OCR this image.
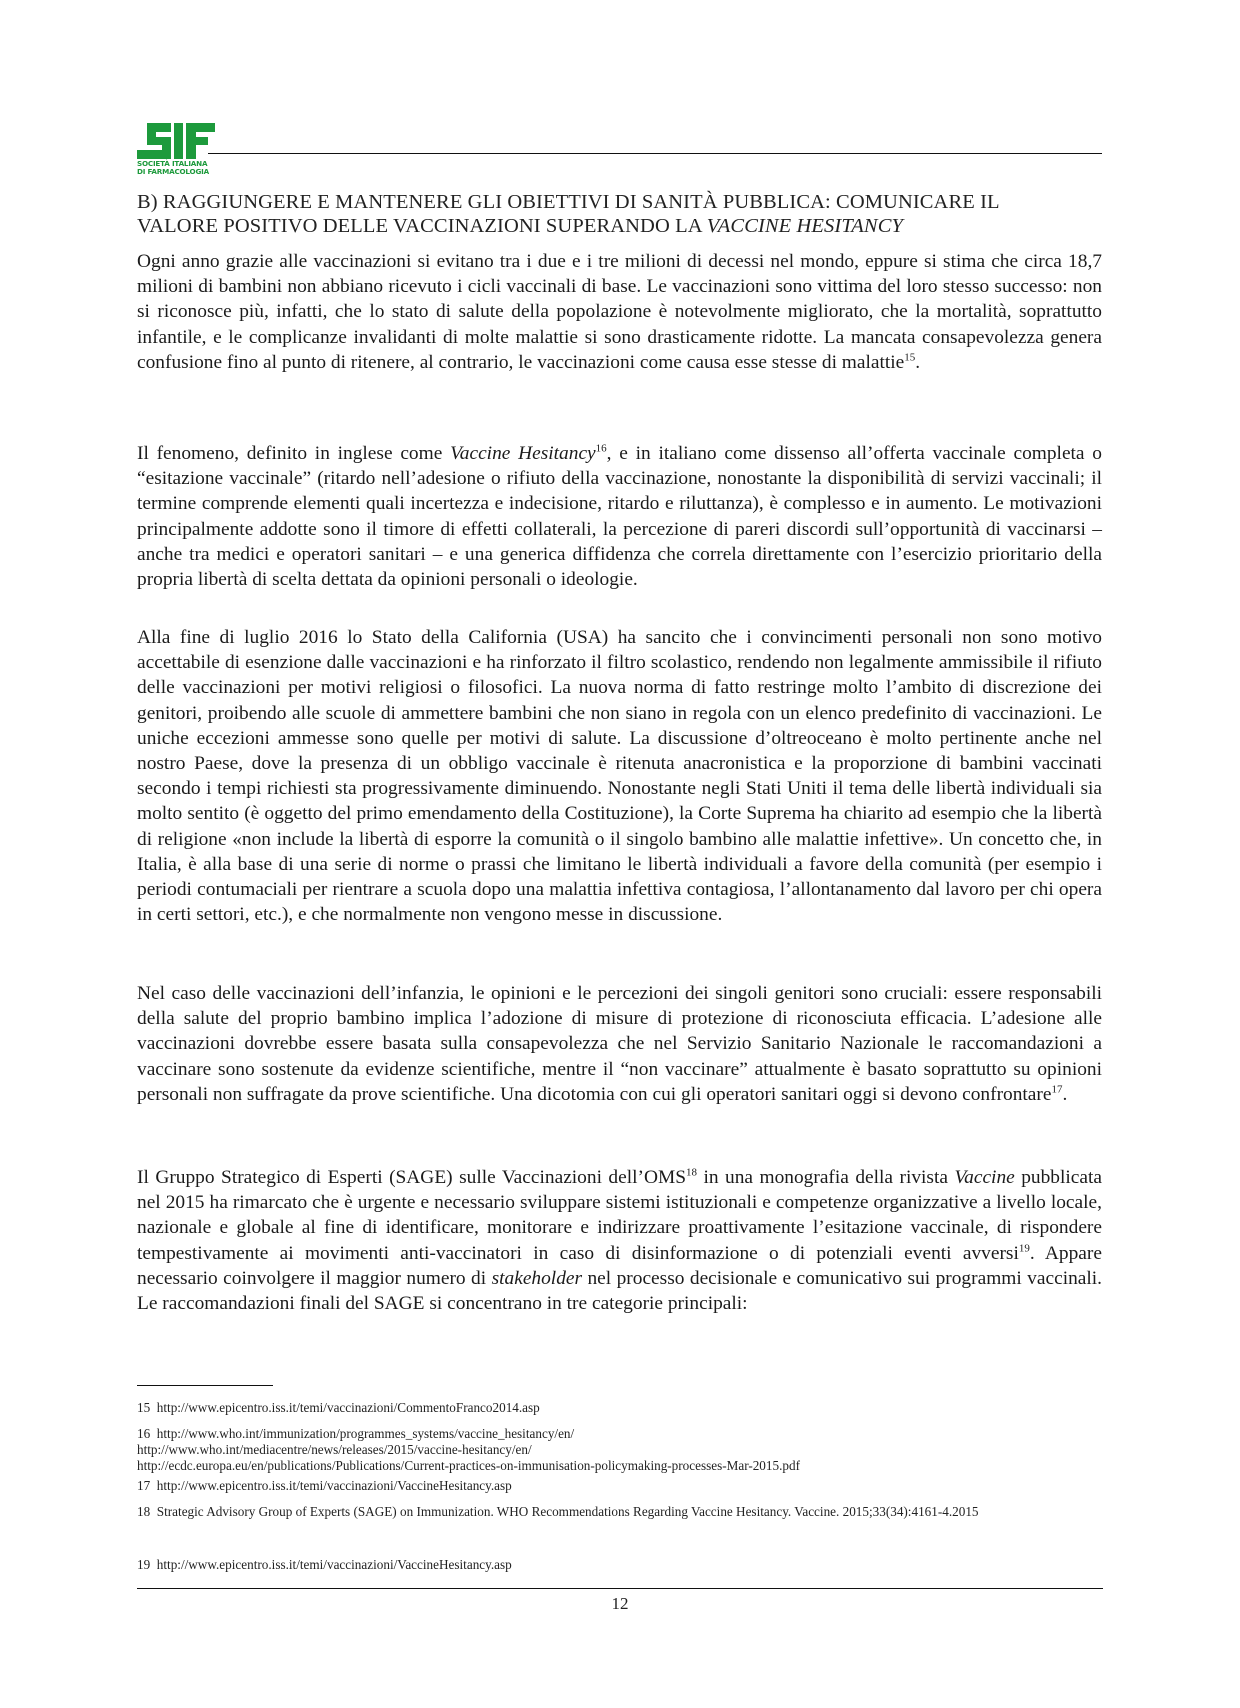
SOCIETÀ ITALIANA
DI FARMACOLOGIA
B) RAGGIUNGERE E MANTENERE GLI OBIETTIVI DI SANITÀ PUBBLICA: COMUNICARE IL
VALORE POSITIVO DELLE VACCINAZIONI SUPERANDO LA VACCINE HESITANCY
Ogni anno grazie alle vaccinazioni si evitano tra i due e i tre milioni di decessi nel mondo, eppure si stima che circa 18,7 milioni di bambini non abbiano ricevuto i cicli vaccinali di base. Le vaccinazioni sono vittima del loro stesso successo: non si riconosce più, infatti, che lo stato di salute della popolazione è notevolmente migliorato, che la mortalità, soprattutto infantile, e le complicanze invalidanti di molte malattie si sono drasticamente ridotte. La mancata consapevolezza genera confusione fino al punto di ritenere, al contrario, le vaccinazioni come causa esse stesse di malattie$^{15}$.
Il fenomeno, definito in inglese come Vaccine Hesitancy$^{16}$, e in italiano come dissenso all’offerta vaccinale completa o “esitazione vaccinale” (ritardo nell’adesione o rifiuto della vaccinazione, nonostante la disponibilità di servizi vaccinali; il termine comprende elementi quali incertezza e indecisione, ritardo e riluttanza), è complesso e in aumento. Le motivazioni principalmente addotte sono il timore di effetti collaterali, la percezione di pareri discordi sull’opportunità di vaccinarsi – anche tra medici e operatori sanitari – e una generica diffidenza che correla direttamente con l’esercizio prioritario della propria libertà di scelta dettata da opinioni personali o ideologie.
Alla fine di luglio 2016 lo Stato della California (USA) ha sancito che i convincimenti personali non sono motivo accettabile di esenzione dalle vaccinazioni e ha rinforzato il filtro scolastico, rendendo non legalmente ammissibile il rifiuto delle vaccinazioni per motivi religiosi o filosofici. La nuova norma di fatto restringe molto l’ambito di discrezione dei genitori, proibendo alle scuole di ammettere bambini che non siano in regola con un elenco predefinito di vaccinazioni. Le uniche eccezioni ammesse sono quelle per motivi di salute. La discussione d’oltreoceano è molto pertinente anche nel nostro Paese, dove la presenza di un obbligo vaccinale è ritenuta anacronistica e la proporzione di bambini vaccinati secondo i tempi richiesti sta progressivamente diminuendo. Nonostante negli Stati Uniti il tema delle libertà individuali sia molto sentito (è oggetto del primo emendamento della Costituzione), la Corte Suprema ha chiarito ad esempio che la libertà di religione «non include la libertà di esporre la comunità o il singolo bambino alle malattie infettive». Un concetto che, in Italia, è alla base di una serie di norme o prassi che limitano le libertà individuali a favore della comunità (per esempio i periodi contumaciali per rientrare a scuola dopo una malattia infettiva contagiosa, l’allontanamento dal lavoro per chi opera in certi settori, etc.), e che normalmente non vengono messe in discussione.
Nel caso delle vaccinazioni dell’infanzia, le opinioni e le percezioni dei singoli genitori sono cruciali: essere responsabili della salute del proprio bambino implica l’adozione di misure di protezione di riconosciuta efficacia. L’adesione alle vaccinazioni dovrebbe essere basata sulla consapevolezza che nel Servizio Sanitario Nazionale le raccomandazioni a vaccinare sono sostenute da evidenze scientifiche, mentre il “non vaccinare” attualmente è basato soprattutto su opinioni personali non suffragate da prove scientifiche. Una dicotomia con cui gli operatori sanitari oggi si devono confrontare$^{17}$.
Il Gruppo Strategico di Esperti (SAGE) sulle Vaccinazioni dell’OMS$^{18}$ in una monografia della rivista Vaccine pubblicata nel 2015 ha rimarcato che è urgente e necessario sviluppare sistemi istituzionali e competenze organizzative a livello locale, nazionale e globale al fine di identificare, monitorare e indirizzare proattivamente l’esitazione vaccinale, di rispondere tempestivamente ai movimenti anti-vaccinatori in caso di disinformazione o di potenziali eventi avversi$^{19}$. Appare necessario coinvolgere il maggior numero di stakeholder nel processo decisionale e comunicativo sui programmi vaccinali. Le raccomandazioni finali del SAGE si concentrano in tre categorie principali:
15 http://www.epicentro.iss.it/temi/vaccinazioni/CommentoFranco2014.asp
16 http://www.who.int/immunization/programmes_systems/vaccine_hesitancy/en/
http://www.who.int/mediacentre/news/releases/2015/vaccine-hesitancy/en/
http://ecdc.europa.eu/en/publications/Publications/Current-practices-on-immunisation-policymaking-processes-Mar-2015.pdf
17 http://www.epicentro.iss.it/temi/vaccinazioni/VaccineHesitancy.asp
18 Strategic Advisory Group of Experts (SAGE) on Immunization. WHO Recommendations Regarding Vaccine Hesitancy. Vaccine. 2015;33(34):4161-4.2015
19 http://www.epicentro.iss.it/temi/vaccinazioni/VaccineHesitancy.asp
12
